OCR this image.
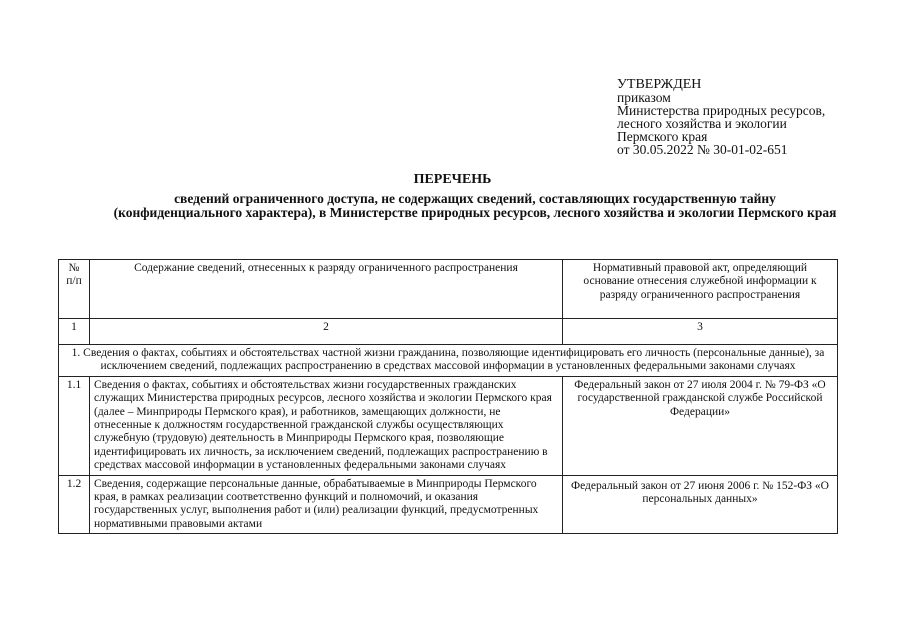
УТВЕРЖДЕН
приказом
Министерства природных ресурсов,
лесного хозяйства и экологии
Пермского края
от 30.05.2022 № 30-01-02-651
ПЕРЕЧЕНЬ
сведений ограниченного доступа, не содержащих сведений, составляющих государственную тайну (конфиденциального характера), в Министерстве природных ресурсов, лесного хозяйства и экологии Пермского края
№ п/п	Содержание сведений, отнесенных к разряду ограниченного распространения	Нормативный правовой акт, определяющий основание отнесения служебной информации к разряду ограниченного распространения
1	2	3
1. Сведения о фактах, событиях и обстоятельствах частной жизни гражданина, позволяющие идентифицировать его личность (персональные данные), за исключением сведений, подлежащих распространению в средствах массовой информации в установленных федеральными законами случаях		
1.1	Сведения о фактах, событиях и обстоятельствах жизни государственных гражданских служащих Министерства природных ресурсов, лесного хозяйства и экологии Пермского края (далее – Минприроды Пермского края), и работников, замещающих должности, не отнесенные к должностям государственной гражданской службы осуществляющих служебную (трудовую) деятельность в Минприроды Пермского края, позволяющие идентифицировать их личность, за исключением сведений, подлежащих распространению в средствах массовой информации в установленных федеральными законами случаях	Федеральный закон от 27 июля 2004 г. № 79-ФЗ «О государственной гражданской службе Российской Федерации»
1.2	Сведения, содержащие персональные данные, обрабатываемые в Минприроды Пермского края, в рамках реализации соответственно функций и полномочий, и оказания государственных услуг, выполнения работ и (или) реализации функций, предусмотренных нормативными правовыми актами	Федеральный закон от 27 июня 2006 г. № 152-ФЗ «О персональных данных»
